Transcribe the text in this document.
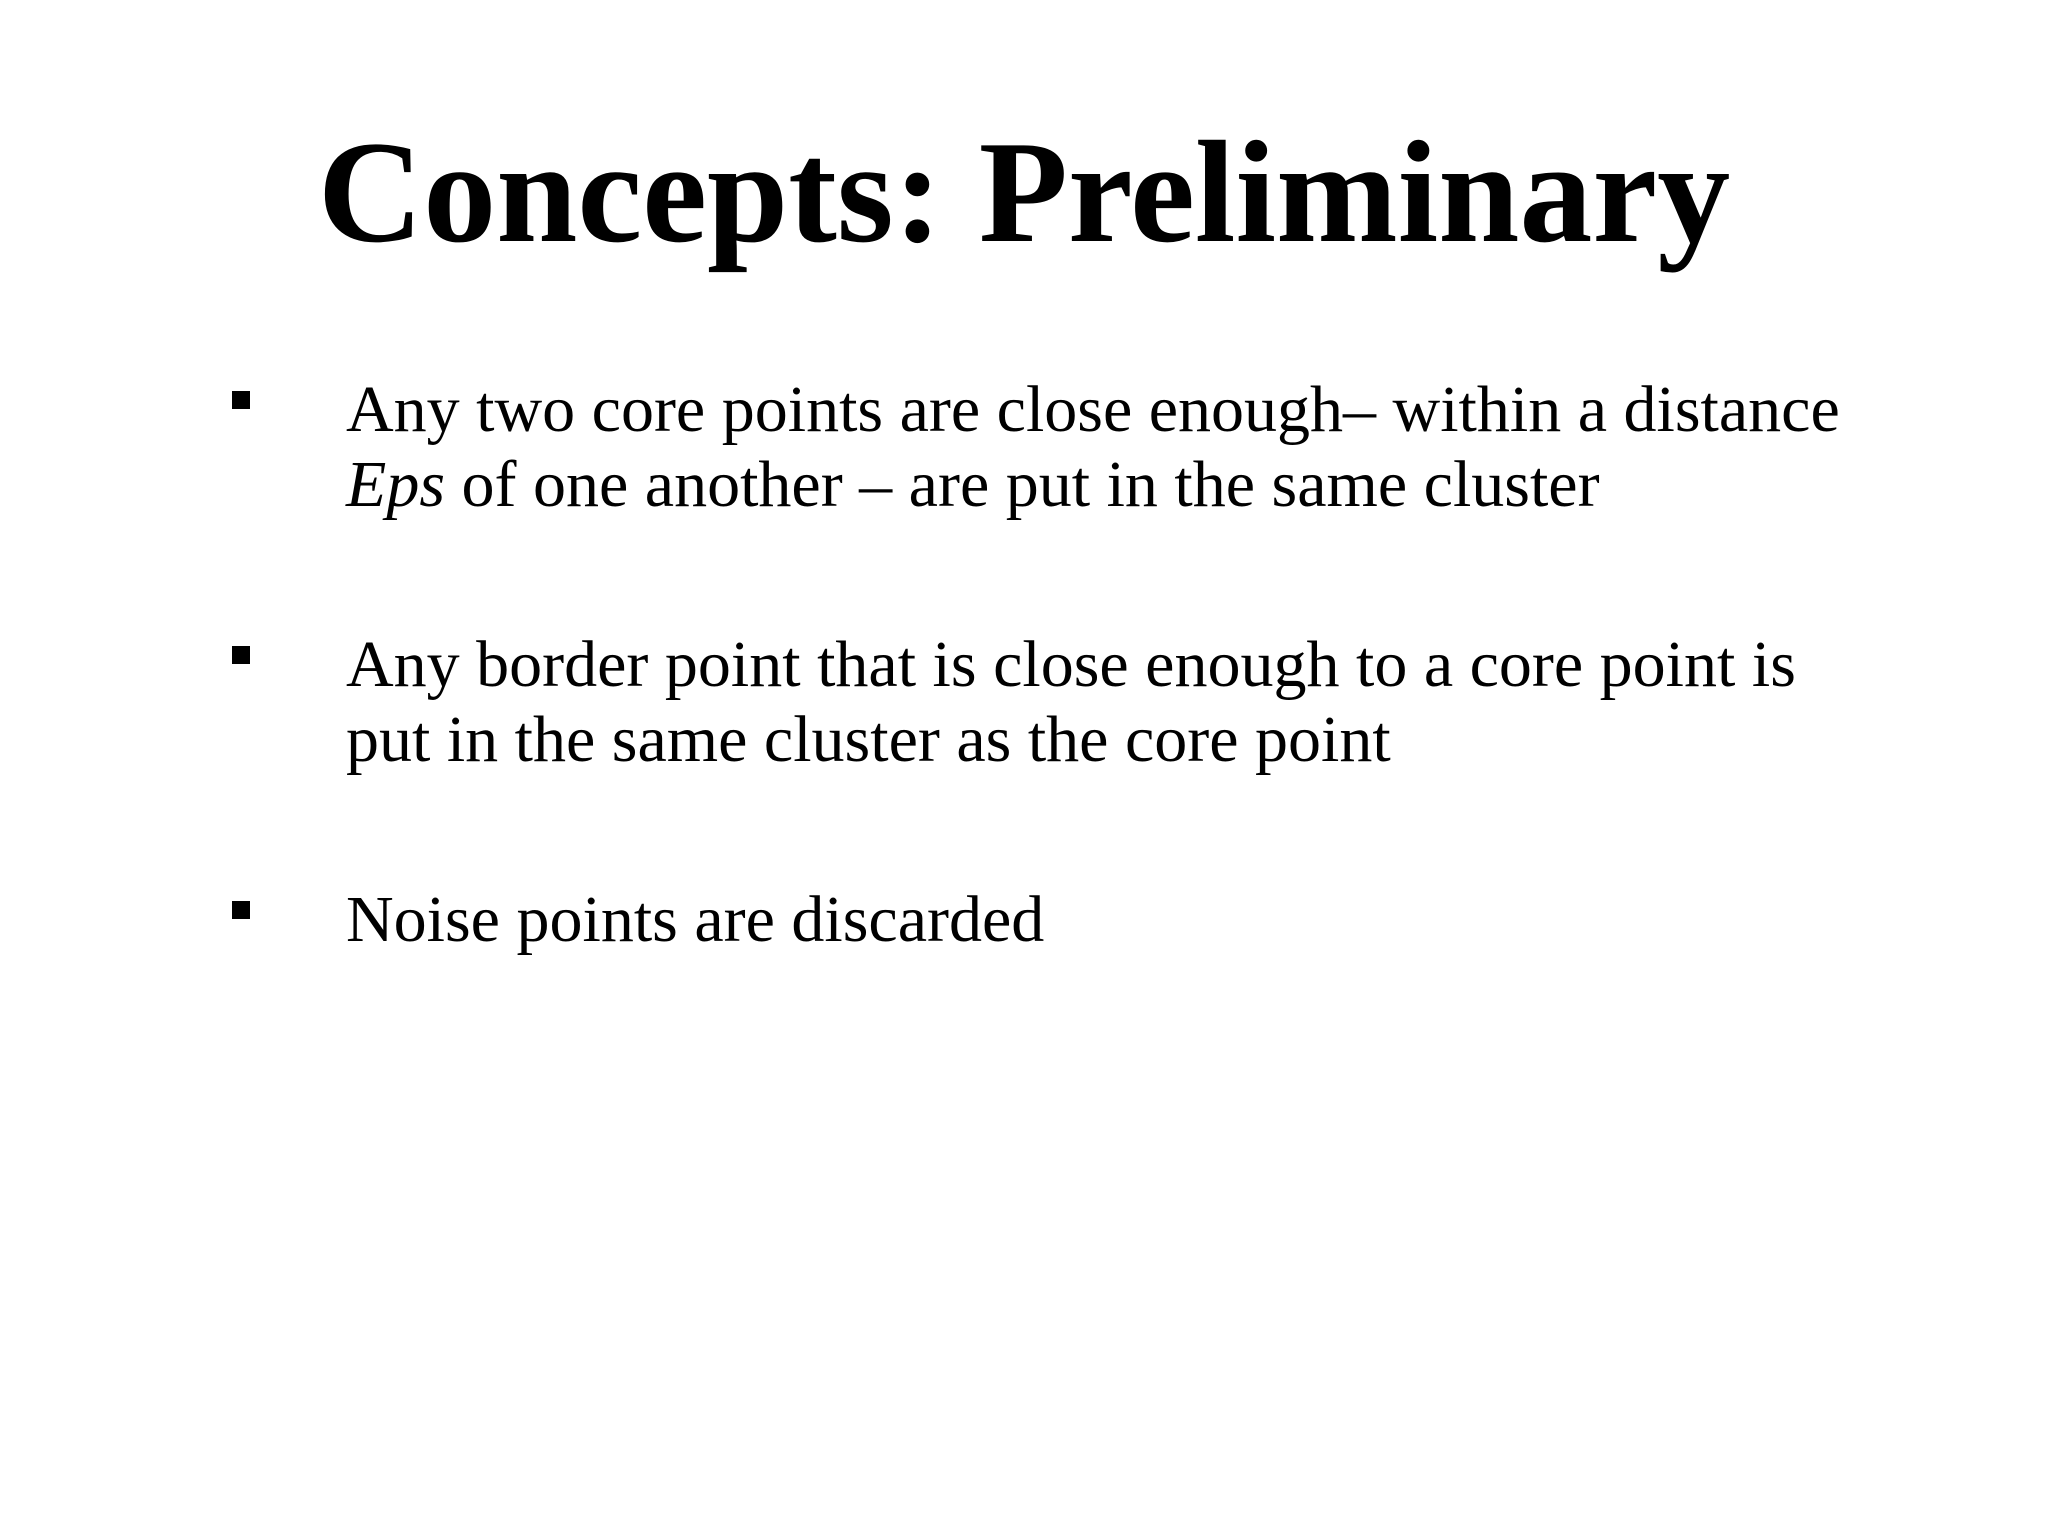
Concepts: Preliminary
Any two core points are close enough– within a distance
Eps of one another – are put in the same cluster
Any border point that is close enough to a core point is
put in the same cluster as the core point
Noise points are discarded
